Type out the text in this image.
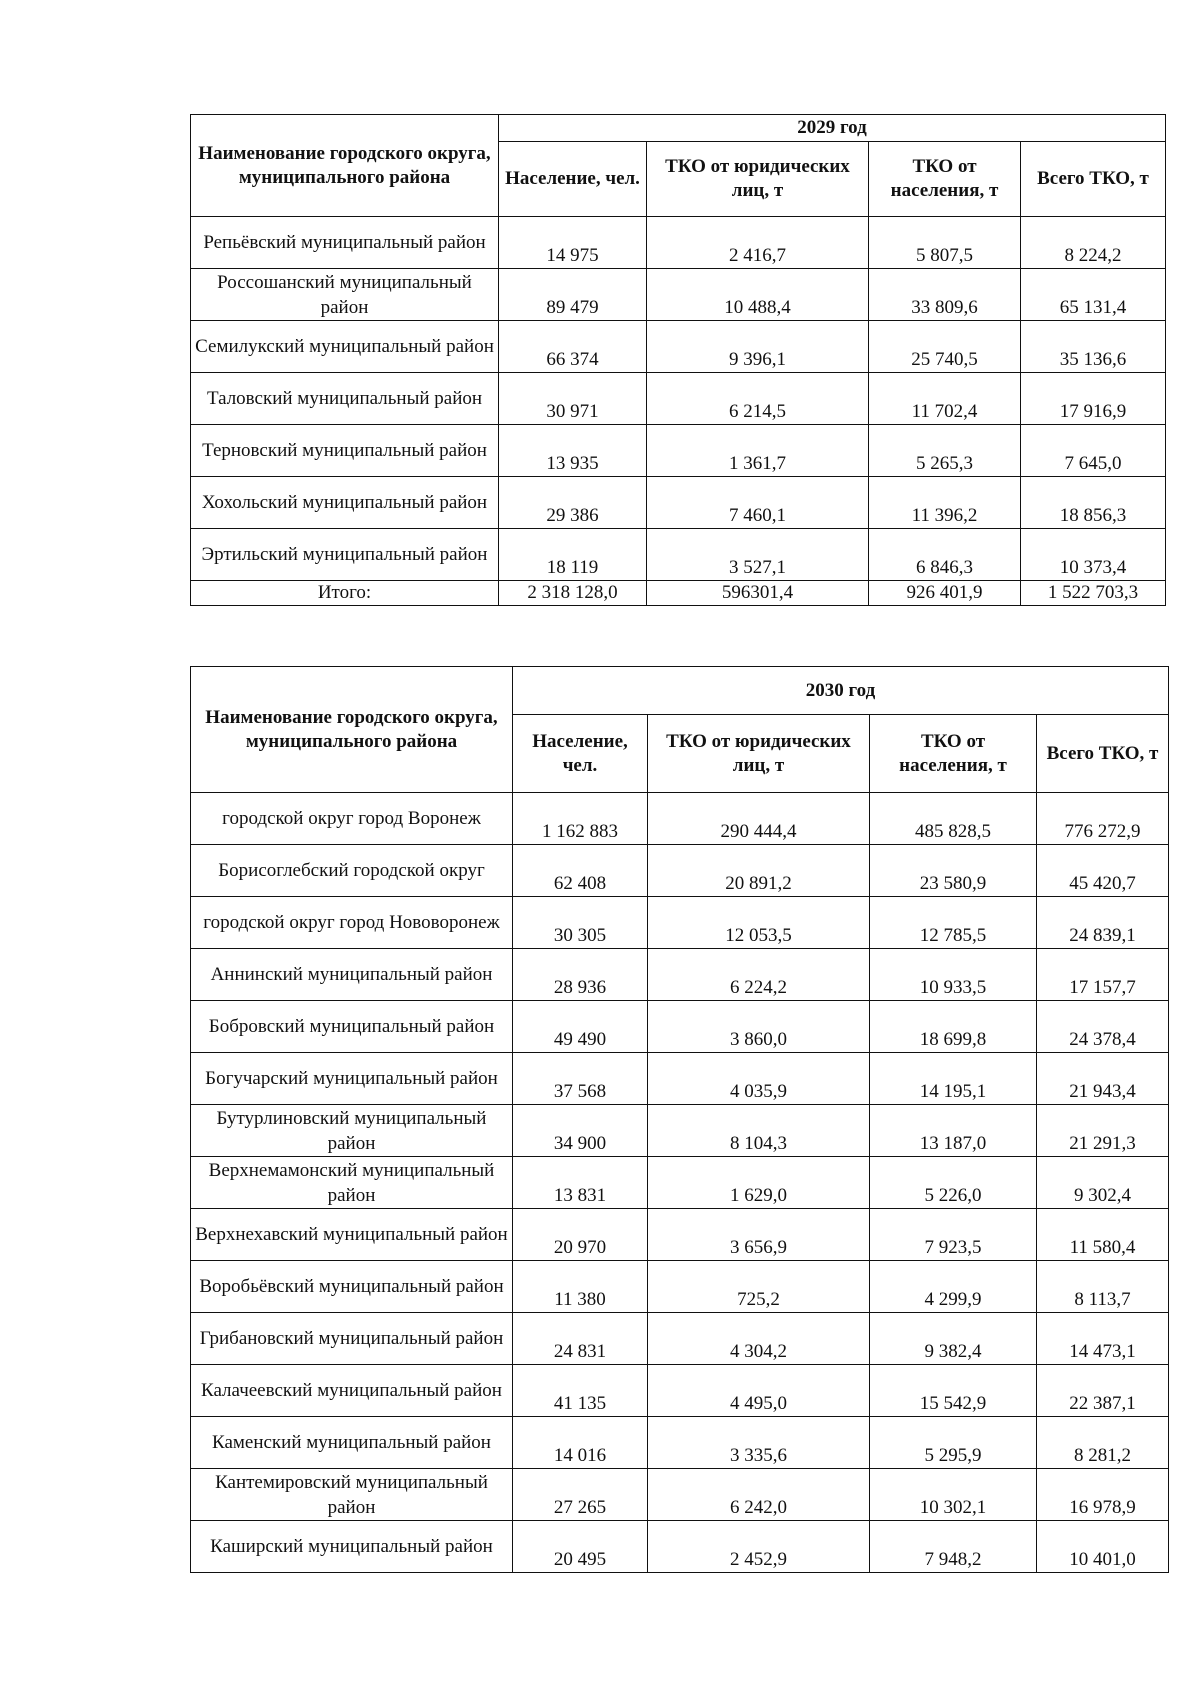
Наименование городского округа, муниципального района	2029 год			
	Население, чел.	ТКО от юридических лиц, т	ТКО от населения, т	Всего ТКО, т
Репьёвский муниципальный район	14 975	2 416,7	5 807,5	8 224,2
Россошанский муниципальный район	89 479	10 488,4	33 809,6	65 131,4
Семилукский муниципальный район	66 374	9 396,1	25 740,5	35 136,6
Таловский муниципальный район	30 971	6 214,5	11 702,4	17 916,9
Терновский муниципальный район	13 935	1 361,7	5 265,3	7 645,0
Хохольский муниципальный район	29 386	7 460,1	11 396,2	18 856,3
Эртильский муниципальный район	18 119	3 527,1	6 846,3	10 373,4
Итого:	2 318 128,0	596301,4	926 401,9	1 522 703,3
Наименование городского округа, муниципального района	2030 год			
	Население, чел.	ТКО от юридических лиц, т	ТКО от населения, т	Всего ТКО, т
городской округ город Воронеж	1 162 883	290 444,4	485 828,5	776 272,9
Борисоглебский городской округ	62 408	20 891,2	23 580,9	45 420,7
городской округ город Нововоронеж	30 305	12 053,5	12 785,5	24 839,1
Аннинский муниципальный район	28 936	6 224,2	10 933,5	17 157,7
Бобровский муниципальный район	49 490	3 860,0	18 699,8	24 378,4
Богучарский муниципальный район	37 568	4 035,9	14 195,1	21 943,4
Бутурлиновский муниципальный район	34 900	8 104,3	13 187,0	21 291,3
Верхнемамонский муниципальный район	13 831	1 629,0	5 226,0	9 302,4
Верхнехавский муниципальный район	20 970	3 656,9	7 923,5	11 580,4
Воробьёвский муниципальный район	11 380	725,2	4 299,9	8 113,7
Грибановский муниципальный район	24 831	4 304,2	9 382,4	14 473,1
Калачеевский муниципальный район	41 135	4 495,0	15 542,9	22 387,1
Каменский муниципальный район	14 016	3 335,6	5 295,9	8 281,2
Кантемировский муниципальный район	27 265	6 242,0	10 302,1	16 978,9
Каширский муниципальный район	20 495	2 452,9	7 948,2	10 401,0
